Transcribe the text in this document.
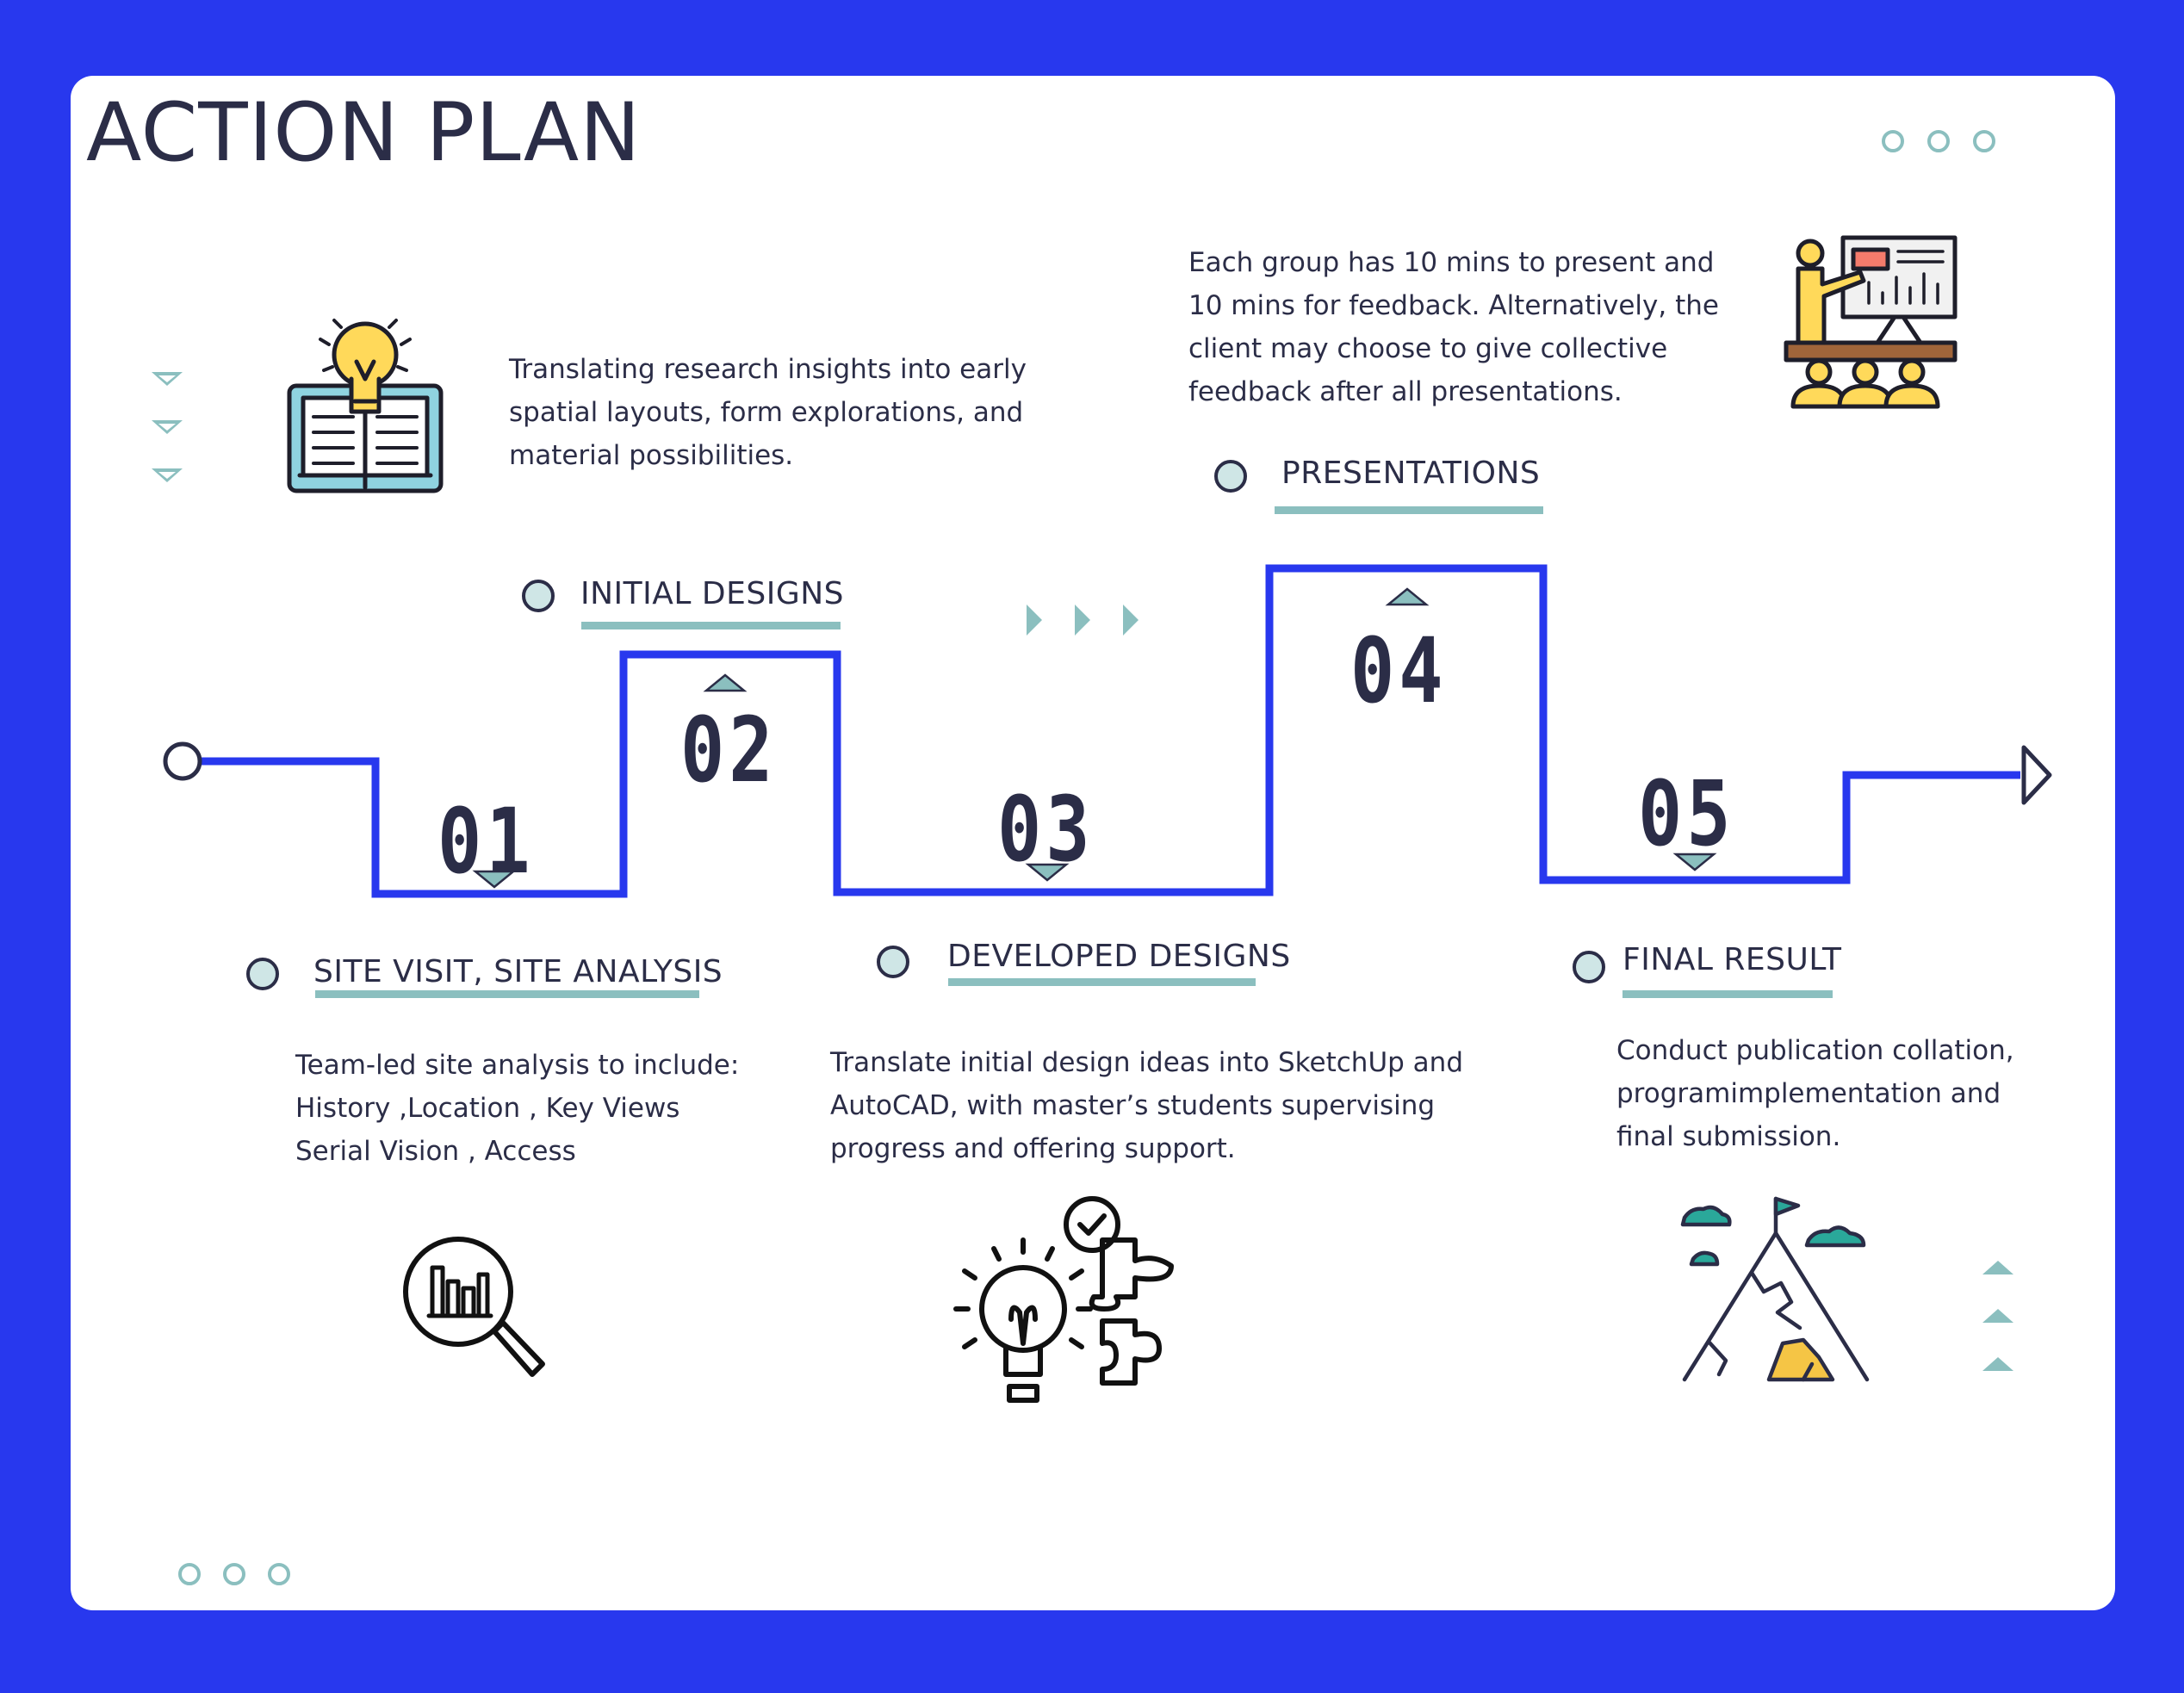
ACTION PLAN
01
02
03
04
05
SITE VISIT, SITE ANALYSIS
INITIAL DESIGNS
DEVELOPED DESIGNS
PRESENTATIONS
FINAL RESULT
Team-led site analysis to include:
History ,Location , Key Views
Serial Vision , Access
Translating research insights into early
spatial layouts, form explorations, and
material possibilities.
Translate initial design ideas into SketchUp and
AutoCAD, with master’s students supervising
progress and offering support.
Each group has 10 mins to present and
10 mins for feedback. Alternatively, the
client may choose to give collective
feedback after all presentations.
Conduct publication collation,
programimplementation and
final submission.
